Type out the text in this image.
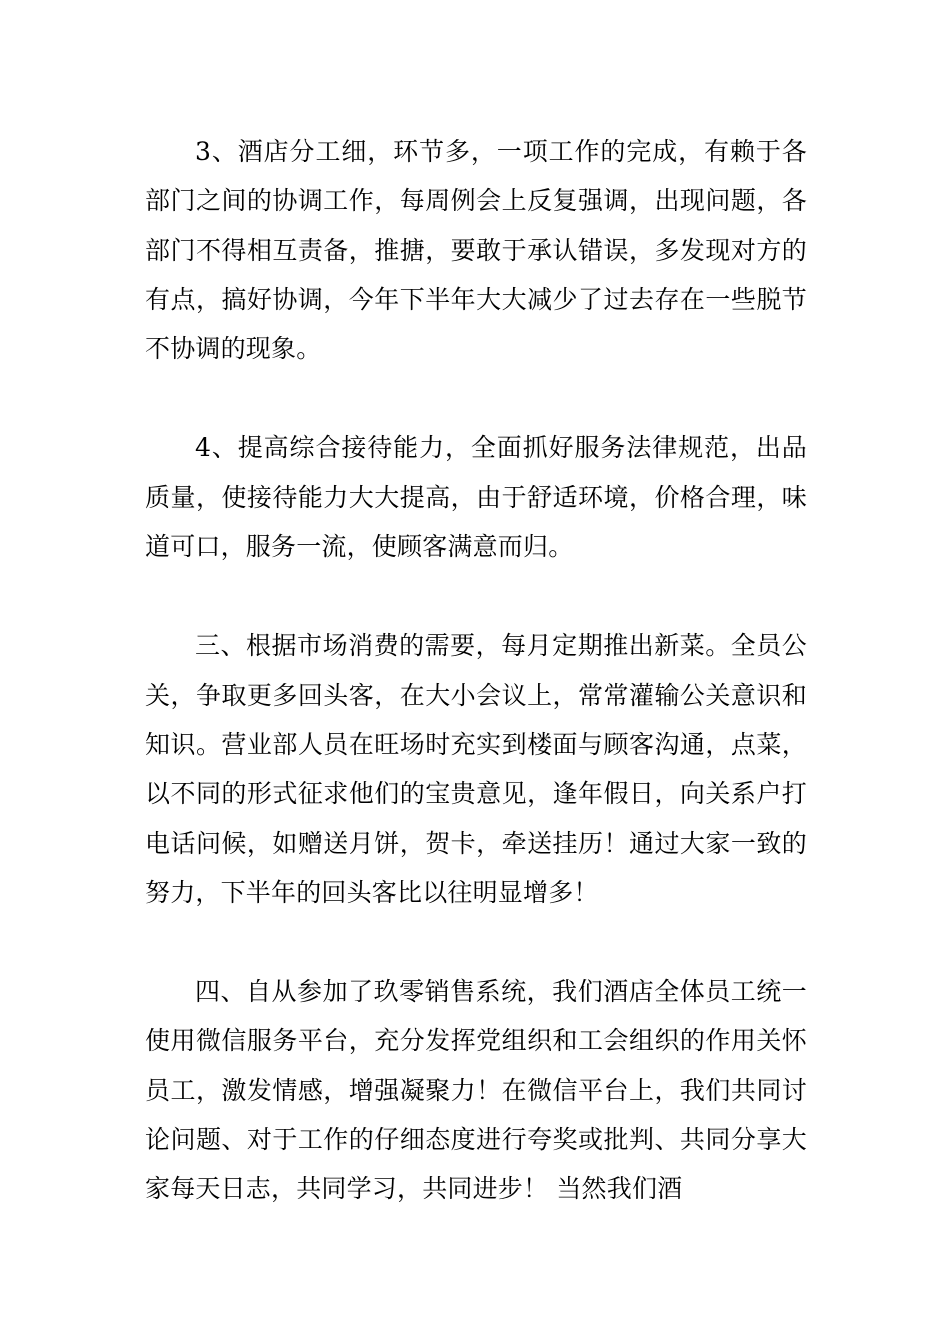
3、酒店分工细，环节多，一项工作的完成，有赖于各部门之间的协调工作，每周例会上反复强调，出现问题，各部门不得相互责备，推搪，要敢于承认错误，多发现对方的有点，搞好协调，今年下半年大大减少了过去存在一些脱节不协调的现象。

4、提高综合接待能力，全面抓好服务法律规范，出品质量，使接待能力大大提高，由于舒适环境，价格合理，味道可口，服务一流，使顾客满意而归。

三、根据市场消费的需要，每月定期推出新菜。全员公关，争取更多回头客，在大小会议上，常常灌输公关意识和知识。营业部人员在旺场时充实到楼面与顾客沟通，点菜，以不同的形式征求他们的宝贵意见，逢年假日，向关系户打电话问候，如赠送月饼，贺卡，牵送挂历！通过大家一致的努力，下半年的回头客比以往明显增多！

四、自从参加了玖零销售系统，我们酒店全体员工统一使用微信服务平台，充分发挥党组织和工会组织的作用关怀员工，激发情感，增强凝聚力！在微信平台上，我们共同讨论问题、对于工作的仔细态度进行夸奖或批判、共同分享大家每天日志，共同学习，共同进步！ 当然我们酒
